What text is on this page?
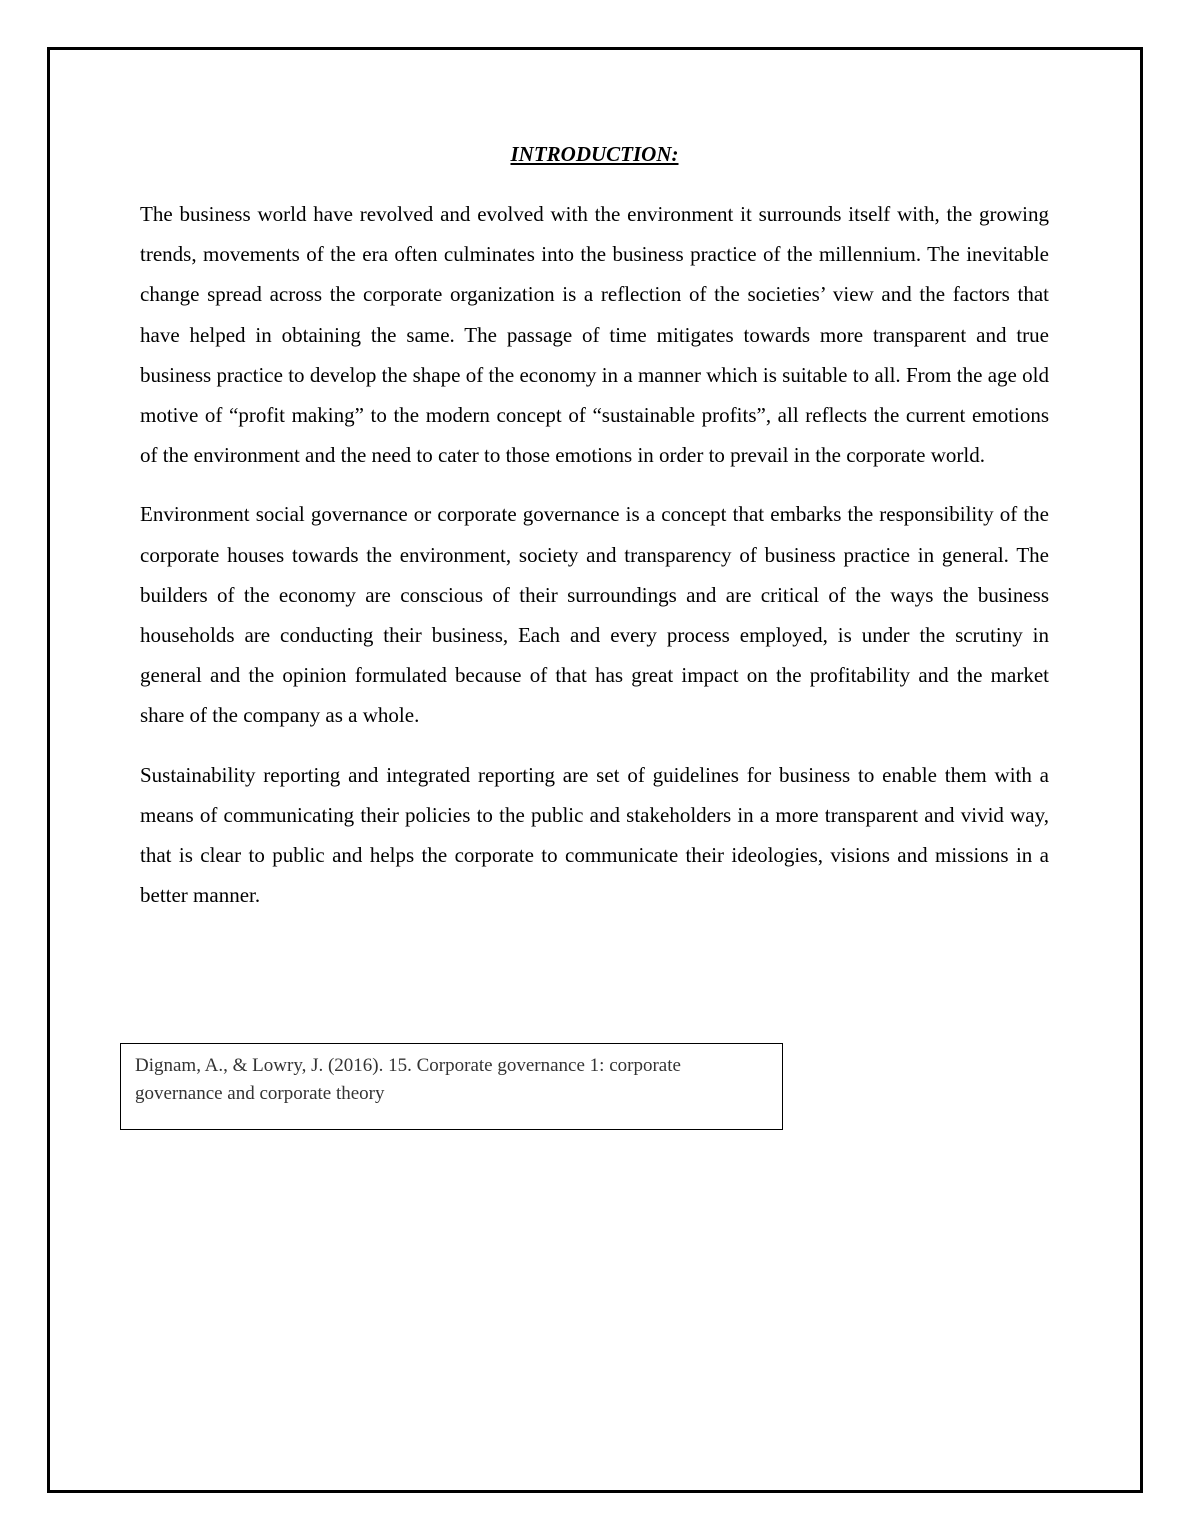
INTRODUCTION:

The business world have revolved and evolved with the environment it surrounds itself with, the growing trends, movements of the era often culminates into the business practice of the millennium. The inevitable change spread across the corporate organization is a reflection of the societies’ view and the factors that have helped in obtaining the same. The passage of time mitigates towards more transparent and true business practice to develop the shape of the economy in a manner which is suitable to all. From the age old motive of “profit making” to the modern concept of “sustainable profits”, all reflects the current emotions of the environment and the need to cater to those emotions in order to prevail in the corporate world.

Environment social governance or corporate governance is a concept that embarks the responsibility of the corporate houses towards the environment, society and transparency of business practice in general. The builders of the economy are conscious of their surroundings and are critical of the ways the business households are conducting their business, Each and every process employed, is under the scrutiny in general and the opinion formulated because of that has great impact on the profitability and the market share of the company as a whole.

Sustainability reporting and integrated reporting are set of guidelines for business to enable them with a means of communicating their policies to the public and stakeholders in a more transparent and vivid way, that is clear to public and helps the corporate to communicate their ideologies, visions and missions in a better manner.

Dignam, A., & Lowry, J. (2016). 15. Corporate governance 1: corporate governance and corporate theory
